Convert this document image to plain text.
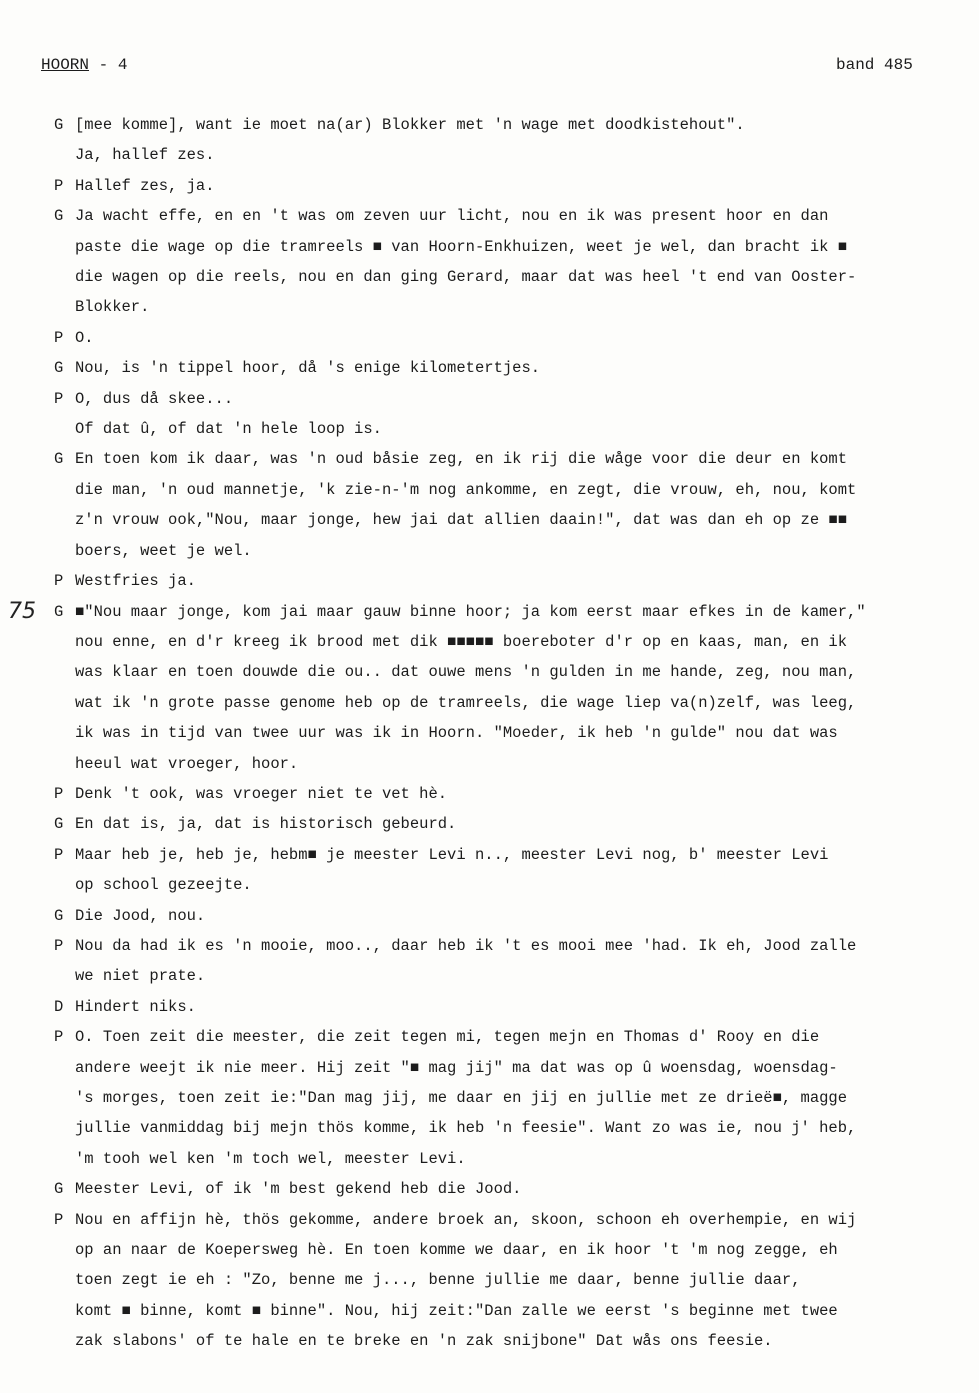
HOORN - 4	band 485
75
G [mee komme], want ie moet na(ar) Blokker met 'n wage met doodkistehout".
Ja, hallef zes.
P Hallef zes, ja.
G Ja wacht effe, en en 't was om zeven uur licht, nou en ik was present hoor en dan
paste die wage op die tramreels ■ van Hoorn-Enkhuizen, weet je wel, dan bracht ik ■
die wagen op die reels, nou en dan ging Gerard, maar dat was heel 't end van Ooster-
Blokker.
P O.
G Nou, is 'n tippel hoor, då 's enige kilometertjes.
P O, dus då skee...
Of dat û, of dat 'n hele loop is.
G En toen kom ik daar, was 'n oud båsie zeg, en ik rij die wåge voor die deur en komt
die man, 'n oud mannetje, 'k zie-n-'m nog ankomme, en zegt, die vrouw, eh, nou, komt
z'n vrouw ook,"Nou, maar jonge, hew jai dat allien daain!", dat was dan eh op ze ■■
boers, weet je wel.
P Westfries ja.
G ■"Nou maar jonge, kom jai maar gauw binne hoor; ja kom eerst maar efkes in de kamer,"
nou enne, en d'r kreeg ik brood met dik ■■■■■ boereboter d'r op en kaas, man, en ik
was klaar en toen douwde die ou.. dat ouwe mens 'n gulden in me hande, zeg, nou man,
wat ik 'n grote passe genome heb op de tramreels, die wage liep va(n)zelf, was leeg,
ik was in tijd van twee uur was ik in Hoorn. "Moeder, ik heb 'n gulde" nou dat was
heeul wat vroeger, hoor.
P Denk 't ook, was vroeger niet te vet hè.
G En dat is, ja, dat is historisch gebeurd.
P Maar heb je, heb je, hebm■ je meester Levi n.., meester Levi nog, b' meester Levi
op school gezeejte.
G Die Jood, nou.
P Nou da had ik es 'n mooie, moo.., daar heb ik 't es mooi mee 'had. Ik eh, Jood zalle
we niet prate.
D Hindert niks.
P O. Toen zeit die meester, die zeit tegen mi, tegen mejn en Thomas d' Rooy en die
andere weejt ik nie meer. Hij zeit "■ mag jij" ma dat was op û woensdag, woensdag-
's morges, toen zeit ie:"Dan mag jij, me daar en jij en jullie met ze drieë■, magge
jullie vanmiddag bij mejn thös komme, ik heb 'n feesie". Want zo was ie, nou j' heb,
'm tooh wel ken 'm toch wel, meester Levi.
G Meester Levi, of ik 'm best gekend heb die Jood.
P Nou en affijn hè, thös gekomme, andere broek an, skoon, schoon eh overhempie, en wij
op an naar de Koepersweg hè. En toen komme we daar, en ik hoor 't 'm nog zegge, eh
toen zegt ie eh : "Zo, benne me j..., benne jullie me daar, benne jullie daar,
komt ■ binne, komt ■ binne". Nou, hij zeit:"Dan zalle we eerst 's beginne met twee
zak slabons' of te hale en te breke en 'n zak snijbone" Dat wås ons feesie.
